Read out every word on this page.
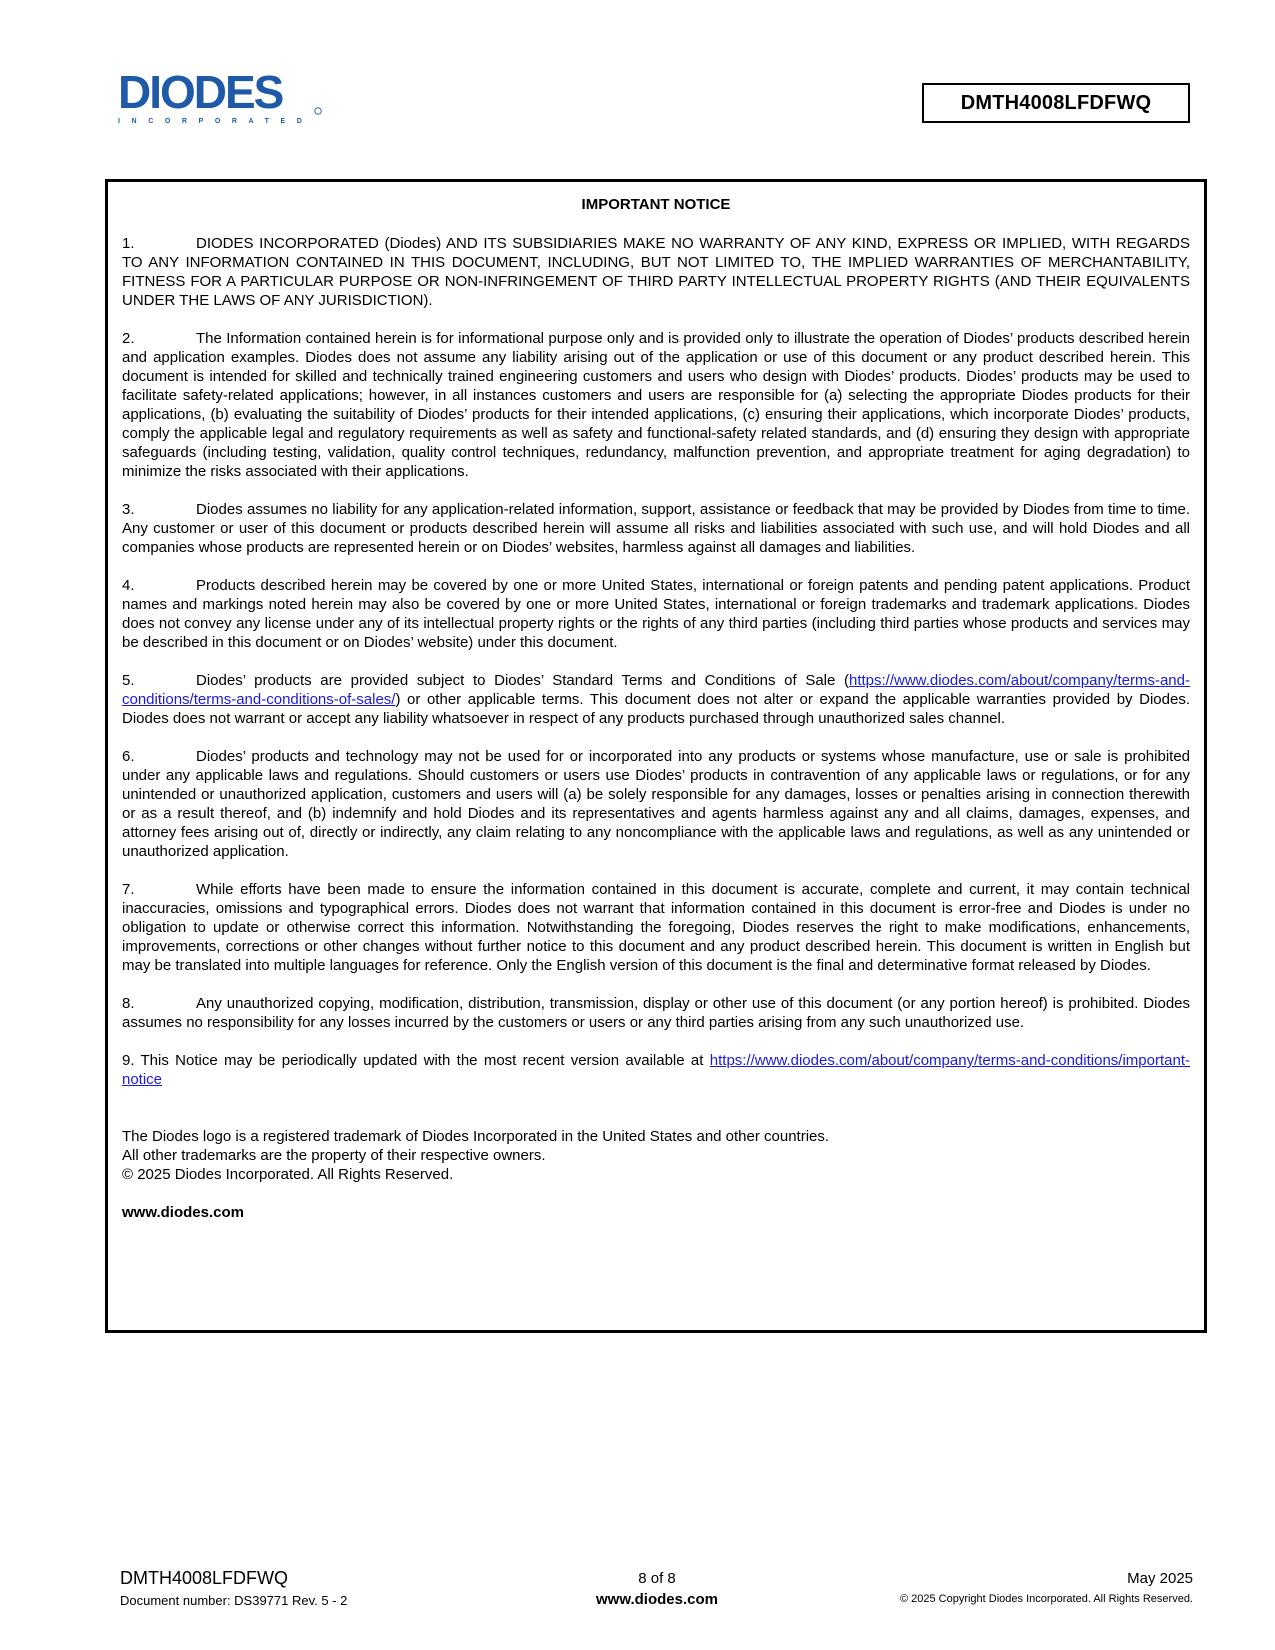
DIODES
INCORPORATED
DMTH4008LFDFWQ
IMPORTANT NOTICE

1.	DIODES INCORPORATED (Diodes) AND ITS SUBSIDIARIES MAKE NO WARRANTY OF ANY KIND, EXPRESS OR IMPLIED, WITH REGARDS TO ANY INFORMATION CONTAINED IN THIS DOCUMENT, INCLUDING, BUT NOT LIMITED TO, THE IMPLIED WARRANTIES OF MERCHANTABILITY, FITNESS FOR A PARTICULAR PURPOSE OR NON-INFRINGEMENT OF THIRD PARTY INTELLECTUAL PROPERTY RIGHTS (AND THEIR EQUIVALENTS UNDER THE LAWS OF ANY JURISDICTION).

2.	The Information contained herein is for informational purpose only and is provided only to illustrate the operation of Diodes’ products described herein and application examples. Diodes does not assume any liability arising out of the application or use of this document or any product described herein. This document is intended for skilled and technically trained engineering customers and users who design with Diodes’ products. Diodes’ products may be used to facilitate safety-related applications; however, in all instances customers and users are responsible for (a) selecting the appropriate Diodes products for their applications, (b) evaluating the suitability of Diodes’ products for their intended applications, (c) ensuring their applications, which incorporate Diodes’ products, comply the applicable legal and regulatory requirements as well as safety and functional-safety related standards, and (d) ensuring they design with appropriate safeguards (including testing, validation, quality control techniques, redundancy, malfunction prevention, and appropriate treatment for aging degradation) to minimize the risks associated with their applications.

3.	Diodes assumes no liability for any application-related information, support, assistance or feedback that may be provided by Diodes from time to time. Any customer or user of this document or products described herein will assume all risks and liabilities associated with such use, and will hold Diodes and all companies whose products are represented herein or on Diodes’ websites, harmless against all damages and liabilities.

4.	Products described herein may be covered by one or more United States, international or foreign patents and pending patent applications. Product names and markings noted herein may also be covered by one or more United States, international or foreign trademarks and trademark applications. Diodes does not convey any license under any of its intellectual property rights or the rights of any third parties (including third parties whose products and services may be described in this document or on Diodes’ website) under this document.

5.	Diodes’ products are provided subject to Diodes’ Standard Terms and Conditions of Sale (https://www.diodes.com/about/company/terms-and-conditions/terms-and-conditions-of-sales/) or other applicable terms. This document does not alter or expand the applicable warranties provided by Diodes. Diodes does not warrant or accept any liability whatsoever in respect of any products purchased through unauthorized sales channel.

6.	Diodes’ products and technology may not be used for or incorporated into any products or systems whose manufacture, use or sale is prohibited under any applicable laws and regulations. Should customers or users use Diodes’ products in contravention of any applicable laws or regulations, or for any unintended or unauthorized application, customers and users will (a) be solely responsible for any damages, losses or penalties arising in connection therewith or as a result thereof, and (b) indemnify and hold Diodes and its representatives and agents harmless against any and all claims, damages, expenses, and attorney fees arising out of, directly or indirectly, any claim relating to any noncompliance with the applicable laws and regulations, as well as any unintended or unauthorized application.

7.	While efforts have been made to ensure the information contained in this document is accurate, complete and current, it may contain technical inaccuracies, omissions and typographical errors. Diodes does not warrant that information contained in this document is error-free and Diodes is under no obligation to update or otherwise correct this information. Notwithstanding the foregoing, Diodes reserves the right to make modifications, enhancements, improvements, corrections or other changes without further notice to this document and any product described herein. This document is written in English but may be translated into multiple languages for reference. Only the English version of this document is the final and determinative format released by Diodes.

8.	Any unauthorized copying, modification, distribution, transmission, display or other use of this document (or any portion hereof) is prohibited. Diodes assumes no responsibility for any losses incurred by the customers or users or any third parties arising from any such unauthorized use.

9. This Notice may be periodically updated with the most recent version available at https://www.diodes.com/about/company/terms-and-conditions/important-notice

The Diodes logo is a registered trademark of Diodes Incorporated in the United States and other countries.
All other trademarks are the property of their respective owners.
© 2025 Diodes Incorporated. All Rights Reserved.
www.diodes.com
DMTH4008LFDFWQ
Document number: DS39771 Rev. 5 - 2
8 of 8
www.diodes.com
May 2025
© 2025 Copyright Diodes Incorporated. All Rights Reserved.
